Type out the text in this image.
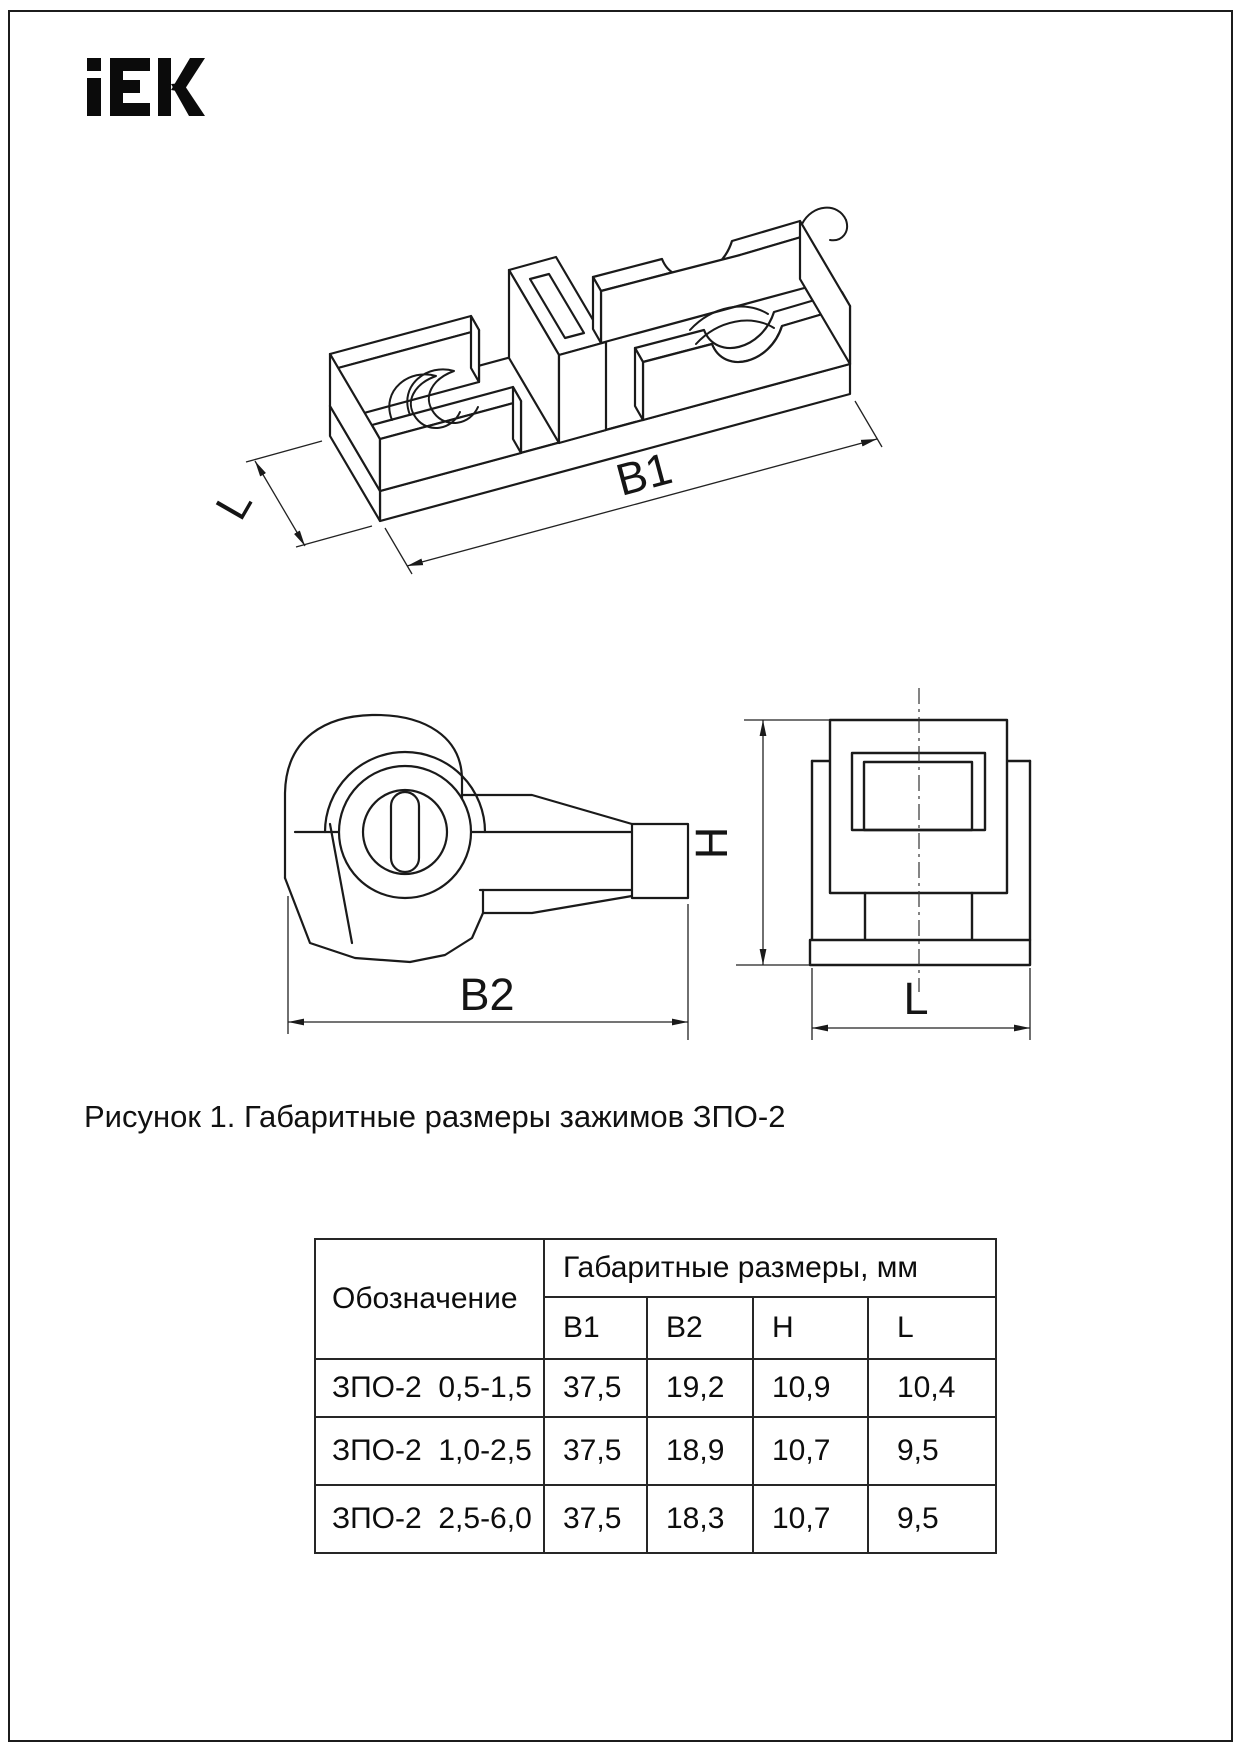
L	B1
B2
H
L
Рисунок 1. Габаритные размеры зажимов ЗПО-2
Обозначение	Габаритные размеры, мм			
	B1	B2	H	L
ЗПО-2  0,5-1,5	37,5	19,2	10,9	10,4
ЗПО-2  1,0-2,5	37,5	18,9	10,7	9,5
ЗПО-2  2,5-6,0	37,5	18,3	10,7	9,5
